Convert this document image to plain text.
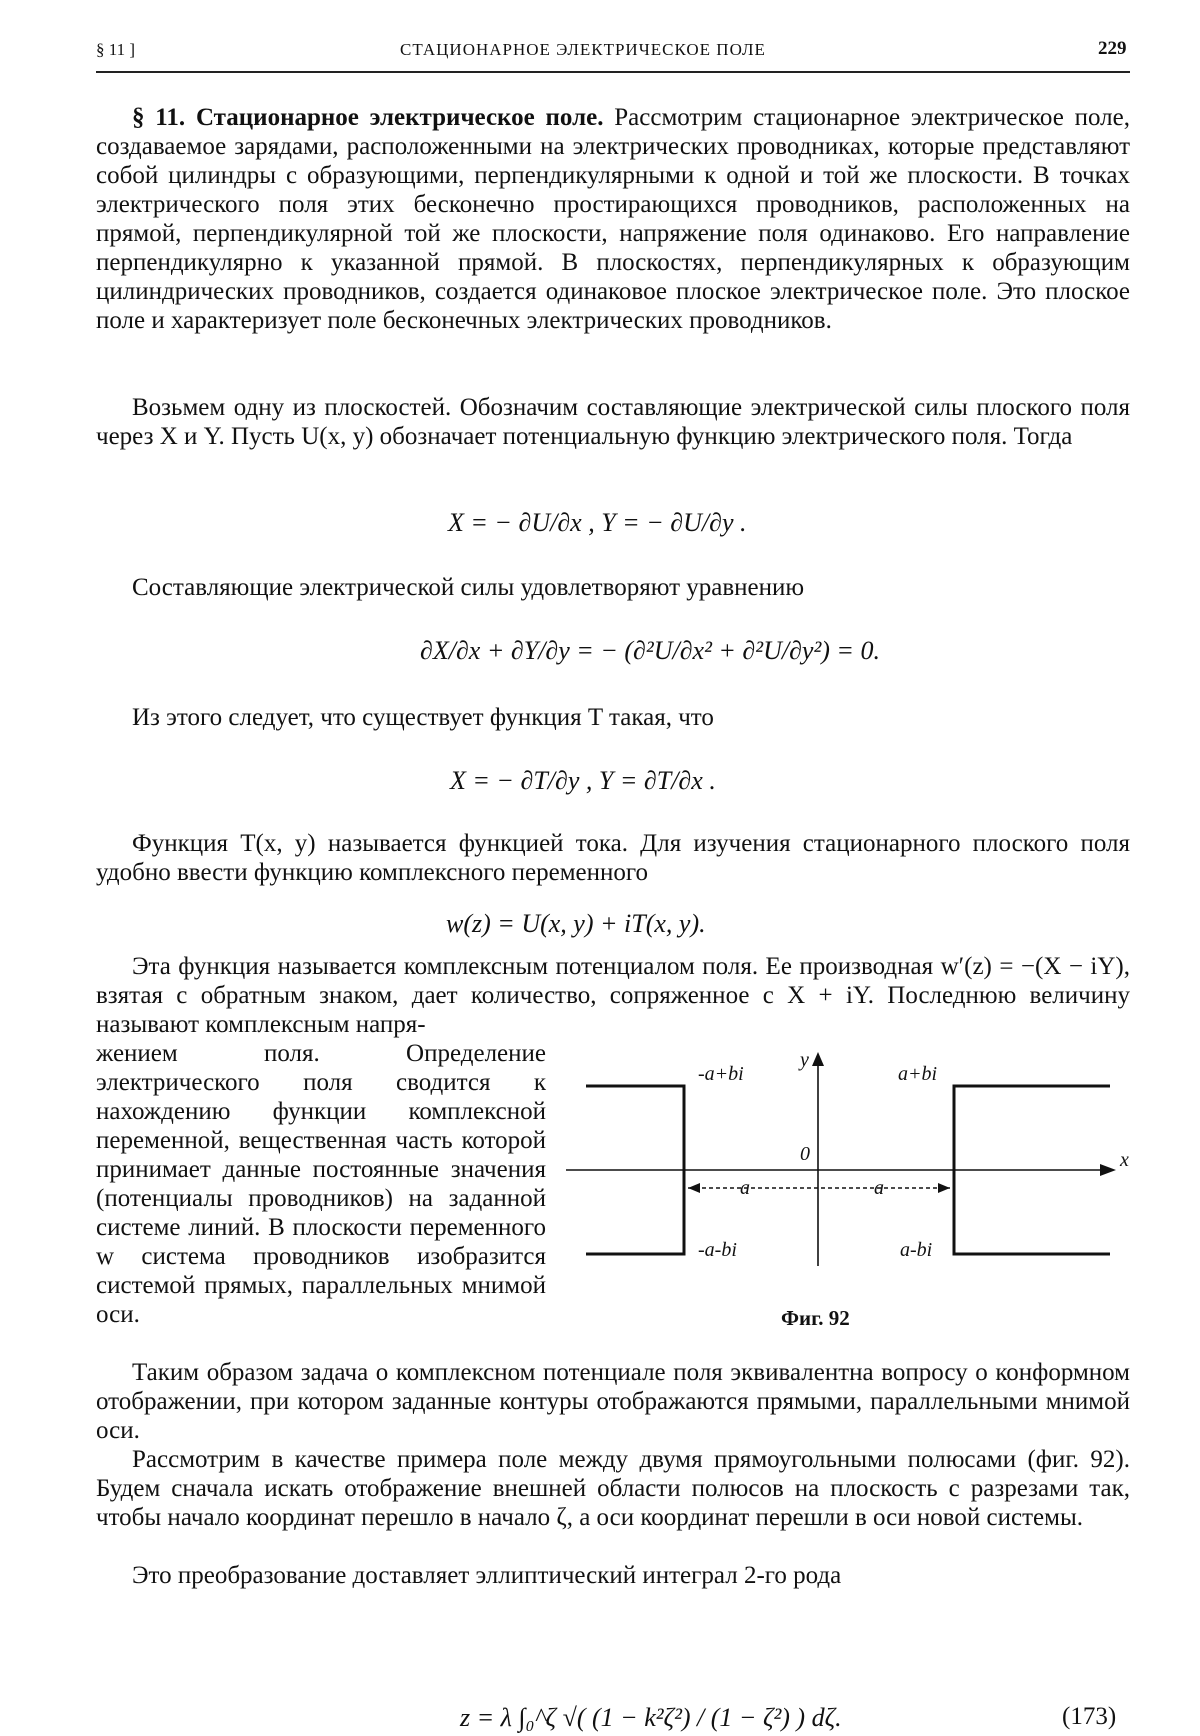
§ 11 ]	СТАЦИОНАРНОЕ ЭЛЕКТРИЧЕСКОЕ ПОЛЕ	229

§ 11. Стационарное электрическое поле. Рассмотрим стационарное электрическое поле, создаваемое зарядами, расположенными на электрических проводниках, которые представляют собой цилиндры с образующими, перпендикулярными к одной и той же плоскости. В точках электрического поля этих бесконечно простирающихся проводников, расположенных на прямой, перпендикулярной той же плоскости, напряжение поля одинаково. Его направление перпендикулярно к указанной прямой. В плоскостях, перпендикулярных к образующим цилиндрических проводников, создается одинаковое плоское электрическое поле. Это плоское поле и характеризует поле бесконечных электрических проводников.

Возьмем одну из плоскостей. Обозначим составляющие электрической силы плоского поля через X и Y. Пусть U(x, y) обозначает потенциальную функцию электрического поля. Тогда

X = − ∂U/∂x , Y = − ∂U/∂y .

Составляющие электрической силы удовлетворяют уравнению

∂X/∂x + ∂Y/∂y = − (∂²U/∂x² + ∂²U/∂y²) = 0.

Из этого следует, что существует функция T такая, что

X = − ∂T/∂y , Y = ∂T/∂x .

Функция T(x, y) называется функцией тока. Для изучения стационарного плоского поля удобно ввести функцию комплексного переменного

w(z) = U(x, y) + iT(x, y).

Эта функция называется комплексным потенциалом поля. Ее производная w′(z) = −(X − iY), взятая с обратным знаком, дает количество, сопряженное с X + iY. Последнюю величину называют комплексным напря-

жением поля. Определение электрического поля сводится к нахождению функции комплексной переменной, вещественная часть которой принимает данные постоянные значения (потенциалы проводников) на заданной системе линий. В плоскости переменного w система проводников изобразится системой прямых, параллельных мнимой оси.
-a+bi	a+bi
-a-bi	a-bi
0	x
y
a	a
Фиг. 92

Таким образом задача о комплексном потенциале поля эквивалентна вопросу о конформном отображении, при котором заданные контуры отображаются прямыми, параллельными мнимой оси.

Рассмотрим в качестве примера поле между двумя прямоугольными полюсами (фиг. 92). Будем сначала искать отображение внешней области полюсов на плоскость с разрезами так, чтобы начало координат перешло в начало ζ, а оси координат перешли в оси новой системы.

Это преобразование доставляет эллиптический интеграл 2-го рода

z = λ ∫₀^ζ √( (1 − k²ζ²) / (1 − ζ²) ) dζ.	(173)
